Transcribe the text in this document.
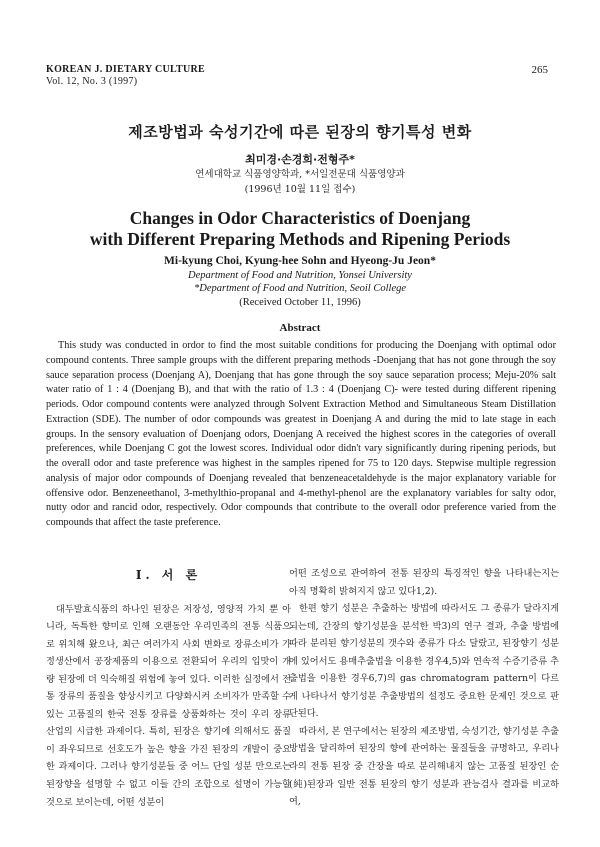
KOREAN J. DIETARY CULTURE
Vol. 12, No. 3 (1997)
265
제조방법과 숙성기간에 따른 된장의 향기특성 변화
최미경·손경희·전형주*
연세대학교 식품영양학과, *서일전문대 식품영양과
(1996년 10월 11일 접수)
Changes in Odor Characteristics of Doenjang
with Different Preparing Methods and Ripening Periods
Mi-kyung Choi, Kyung-hee Sohn and Hyeong-Ju Jeon*
Department of Food and Nutrition, Yonsei University
*Department of Food and Nutrition, Seoil College
(Received October 11, 1996)
Abstract

This study was conducted in ordor to find the most suitable conditions for producing the Doenjang with optimal odor compound contents. Three sample groups with the different preparing methods -Doenjang that has not gone through the soy sauce separation process (Doenjang A), Doenjang that has gone through the soy sauce separation process; Meju-20% salt water ratio of 1 : 4 (Doenjang B), and that with the ratio of 1.3 : 4 (Doenjang C)- were tested during different ripening periods. Odor compound contents were analyzed through Solvent Extraction Method and Simultaneous Steam Distillation Extraction (SDE). The number of odor compounds was greatest in Doenjang A and during the mid to late stage in each groups. In the sensory evaluation of Doenjang odors, Doenjang A received the highest scores in the categories of overall preferences, while Doenjang C got the lowest scores. Individual odor didn't vary significantly during ripening periods, but the overall odor and taste preference was highest in the samples ripened for 75 to 120 days. Stepwise multiple regression analysis of major odor compounds of Doenjang revealed that benzeneacetaldehyde is the major explanatory variable for offensive odor. Benzeneethanol, 3-methylthio-propanal and 4-methyl-phenol are the explanatory variables for salty odor, nutty odor and rancid odor, respectively. Odor compounds that contribute to the overall odor preference varied from the compounds that affect the taste preference.

I. 서 론

대두발효식품의 하나인 된장은 저장성, 영양적 가치 뿐 아니라, 독특한 향미로 인해 오랜동안 우리민족의 전통 식품으로 위치해 왔으나, 최근 여러가지 사회 변화로 장류소비가 가정생산에서 공장제품의 이용으로 전환되어 우리의 입맛이 개량 된장에 더 익숙해질 위험에 놓여 있다. 이러한 실정에서 전통 장류의 품질을 향상시키고 다양화시켜 소비자가 만족할 수 있는 고품질의 한국 전통 장류를 상품화하는 것이 우리 장류 산업의 시급한 과제이다. 특히, 된장은 향기에 의해서도 품질이 좌우되므로 선호도가 높은 향을 가진 된장의 개발이 중요한 과제이다. 그러나 향기성분들 중 어느 단일 성분 만으로는 된장향을 설명할 수 없고 이들 간의 조합으로 설명이 가능할 것으로 보이는데, 어떤 성분이

어떤 조성으로 관여하여 전통 된장의 특징적인 향을 나타내는지는 아직 명확히 밝혀지지 않고 있다1,2).

한편 향기 성분은 추출하는 방법에 따라서도 그 종류가 달라지게 되는데, 간장의 향기성분을 분석한 박3)의 연구 결과, 추출 방법에 따라 분리된 향기성분의 갯수와 종류가 다소 달랐고, 된장향기 성분에 있어서도 용매추출법을 이용한 경우4,5)와 연속적 수증기증류 추출법을 이용한 경우6,7)의 gas chromatogram pattern이 다르게 나타나서 향기성분 추출방법의 설정도 중요한 문제인 것으로 판단된다.

따라서, 본 연구에서는 된장의 제조방법, 숙성기간, 향기성분 추출방법을 달리하여 된장의 향에 관여하는 물질들을 규명하고, 우리나라의 전통 된장 중 간장을 따로 분리해내지 않는 고품질 된장인 순(純)된장과 일반 전통 된장의 향기 성분과 관능검사 결과를 비교하여,
